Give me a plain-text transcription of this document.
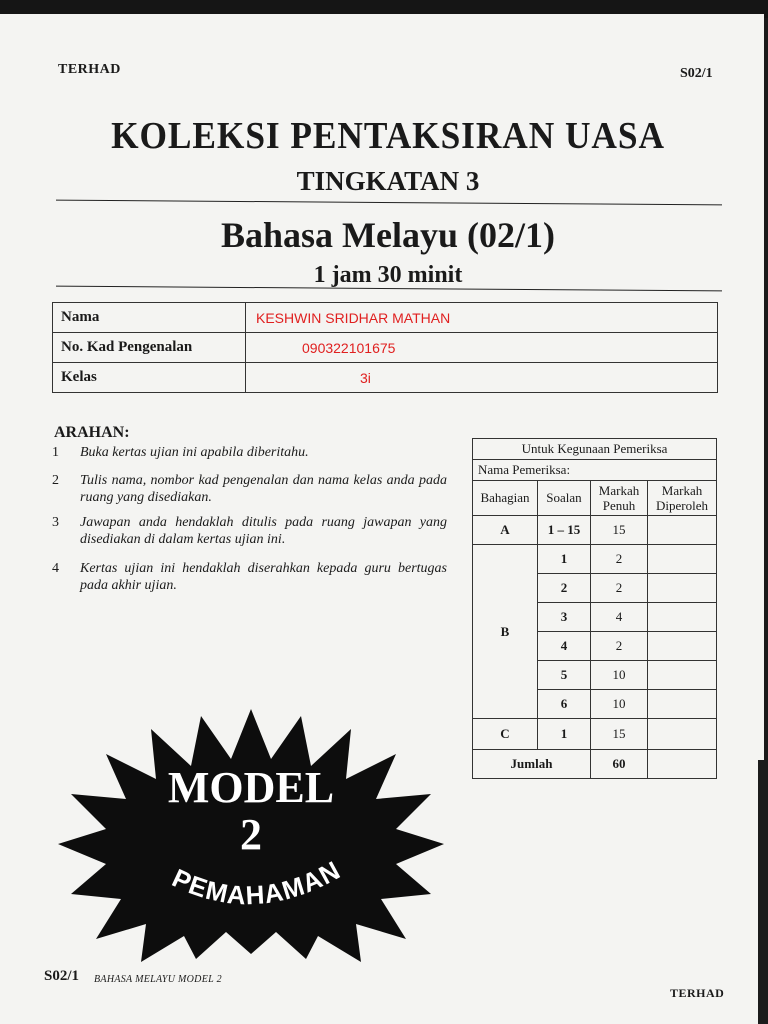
TERHAD	S02/1
KOLEKSI PENTAKSIRAN UASA
TINGKATAN 3
Bahasa Melayu (02/1)
1 jam 30 minit
Nama	KESHWIN SRIDHAR MATHAN
No. Kad Pengenalan	090322101675
Kelas	3i
ARAHAN:
1 Buka kertas ujian ini apabila diberitahu.
2 Tulis nama, nombor kad pengenalan dan nama kelas anda pada ruang yang disediakan.
3 Jawapan anda hendaklah ditulis pada ruang jawapan yang disediakan di dalam kertas ujian ini.
4 Kertas ujian ini hendaklah diserahkan kepada guru bertugas pada akhir ujian.
Untuk Kegunaan Pemeriksa			
Nama Pemeriksa:			
Bahagian	Soalan	Markah Penuh	Markah Diperoleh
A	1 – 15	15	
B	1	2	
	2	2	
	3	4	
	4	2	
	5	10	
	6	10	
C	1	15	
Jumlah		60	
MODEL
2
PEMAHAMAN
S02/1 BAHASA MELAYU MODEL 2
TERHAD
